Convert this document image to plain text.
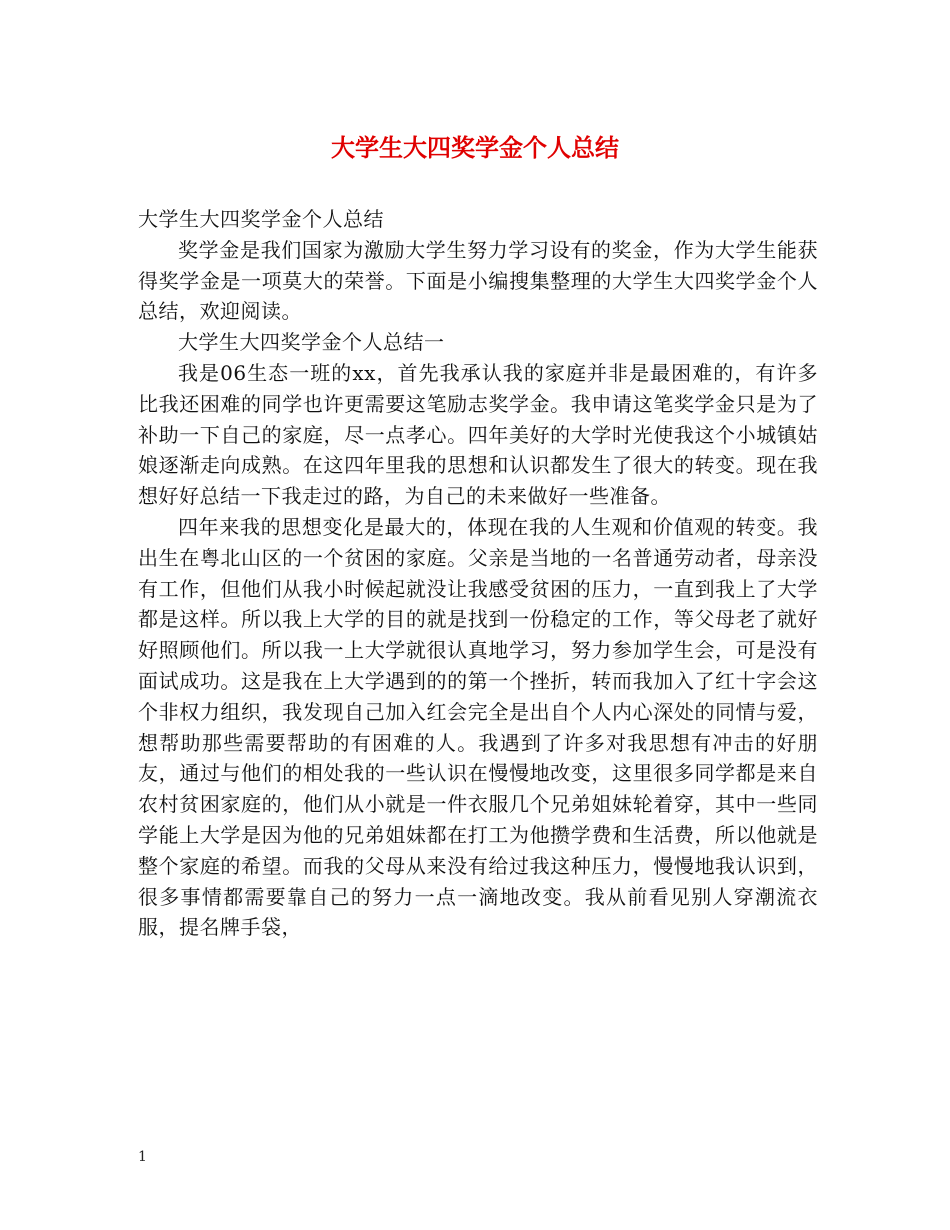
大学生大四奖学金个人总结

大学生大四奖学金个人总结

奖学金是我们国家为激励大学生努力学习设有的奖金，作为大学生能获得奖学金是一项莫大的荣誉。下面是小编搜集整理的大学生大四奖学金个人总结，欢迎阅读。

大学生大四奖学金个人总结一

我是06生态一班的xx，首先我承认我的家庭并非是最困难的，有许多比我还困难的同学也许更需要这笔励志奖学金。我申请这笔奖学金只是为了补助一下自己的家庭，尽一点孝心。四年美好的大学时光使我这个小城镇姑娘逐渐走向成熟。在这四年里我的思想和认识都发生了很大的转变。现在我想好好总结一下我走过的路，为自己的未来做好一些准备。

四年来我的思想变化是最大的，体现在我的人生观和价值观的转变。我出生在粤北山区的一个贫困的家庭。父亲是当地的一名普通劳动者，母亲没有工作，但他们从我小时候起就没让我感受贫困的压力，一直到我上了大学都是这样。所以我上大学的目的就是找到一份稳定的工作，等父母老了就好好照顾他们。所以我一上大学就很认真地学习，努力参加学生会，可是没有面试成功。这是我在上大学遇到的的第一个挫折，转而我加入了红十字会这个非权力组织，我发现自己加入红会完全是出自个人内心深处的同情与爱，想帮助那些需要帮助的有困难的人。我遇到了许多对我思想有冲击的好朋友，通过与他们的相处我的一些认识在慢慢地改变，这里很多同学都是来自农村贫困家庭的，他们从小就是一件衣服几个兄弟姐妹轮着穿，其中一些同学能上大学是因为他的兄弟姐妹都在打工为他攒学费和生活费，所以他就是整个家庭的希望。而我的父母从来没有给过我这种压力，慢慢地我认识到，很多事情都需要靠自己的努力一点一滴地改变。我从前看见别人穿潮流衣服，提名牌手袋，

1
